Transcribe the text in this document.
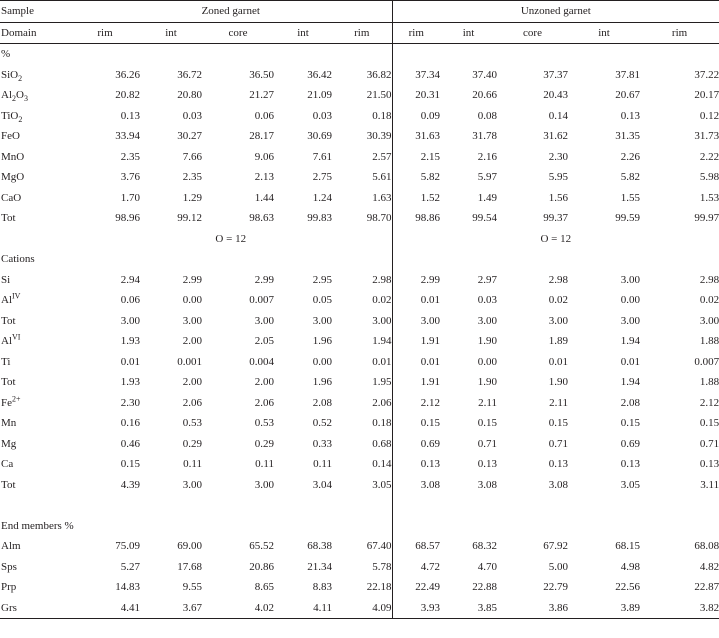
Sample	Zoned garnet					Unzoned garnet				
Domain	rim	int	core	int	rim	rim	int	core	int	rim
%										
SiO$_2$	36.26	36.72	36.50	36.42	36.82	37.34	37.40	37.37	37.81	37.22
$Al_2O_3$	20.82	20.80	21.27	21.09	21.50	20.31	20.66	20.43	20.67	20.17
TiO$_2$	0.13	0.03	0.06	0.03	0.18	0.09	0.08	0.14	0.13	0.12
FeO	33.94	30.27	28.17	30.69	30.39	31.63	31.78	31.62	31.35	31.73
MnO	2.35	7.66	9.06	7.61	2.57	2.15	2.16	2.30	2.26	2.22
MgO	3.76	2.35	2.13	2.75	5.61	5.82	5.97	5.95	5.82	5.98
CaO	1.70	1.29	1.44	1.24	1.63	1.52	1.49	1.56	1.55	1.53
Tot	98.96	99.12	98.63	99.83	98.70	98.86	99.54	99.37	99.59	99.97
	O = 12					O = 12				
Cations										
Si	2.94	2.99	2.99	2.95	2.98	2.99	2.97	2.98	3.00	2.98
$Al^{IV}$	0.06	0.00	0.007	0.05	0.02	0.01	0.03	0.02	0.00	0.02
Tot	3.00	3.00	3.00	3.00	3.00	3.00	3.00	3.00	3.00	3.00
$Al^{VI}$	1.93	2.00	2.05	1.96	1.94	1.91	1.90	1.89	1.94	1.88
Ti	0.01	0.001	0.004	0.00	0.01	0.01	0.00	0.01	0.01	0.007
Tot	1.93	2.00	2.00	1.96	1.95	1.91	1.90	1.90	1.94	1.88
$Fe^{2+}$	2.30	2.06	2.06	2.08	2.06	2.12	2.11	2.11	2.08	2.12
Mn	0.16	0.53	0.53	0.52	0.18	0.15	0.15	0.15	0.15	0.15
Mg	0.46	0.29	0.29	0.33	0.68	0.69	0.71	0.71	0.69	0.71
Ca	0.15	0.11	0.11	0.11	0.14	0.13	0.13	0.13	0.13	0.13
Tot	4.39	3.00	3.00	3.04	3.05	3.08	3.08	3.08	3.05	3.11

End members %										
Alm	75.09	69.00	65.52	68.38	67.40	68.57	68.32	67.92	68.15	68.08
Sps	5.27	17.68	20.86	21.34	5.78	4.72	4.70	5.00	4.98	4.82
Prp	14.83	9.55	8.65	8.83	22.18	22.49	22.88	22.79	22.56	22.87
Grs	4.41	3.67	4.02	4.11	4.09	3.93	3.85	3.86	3.89	3.82
